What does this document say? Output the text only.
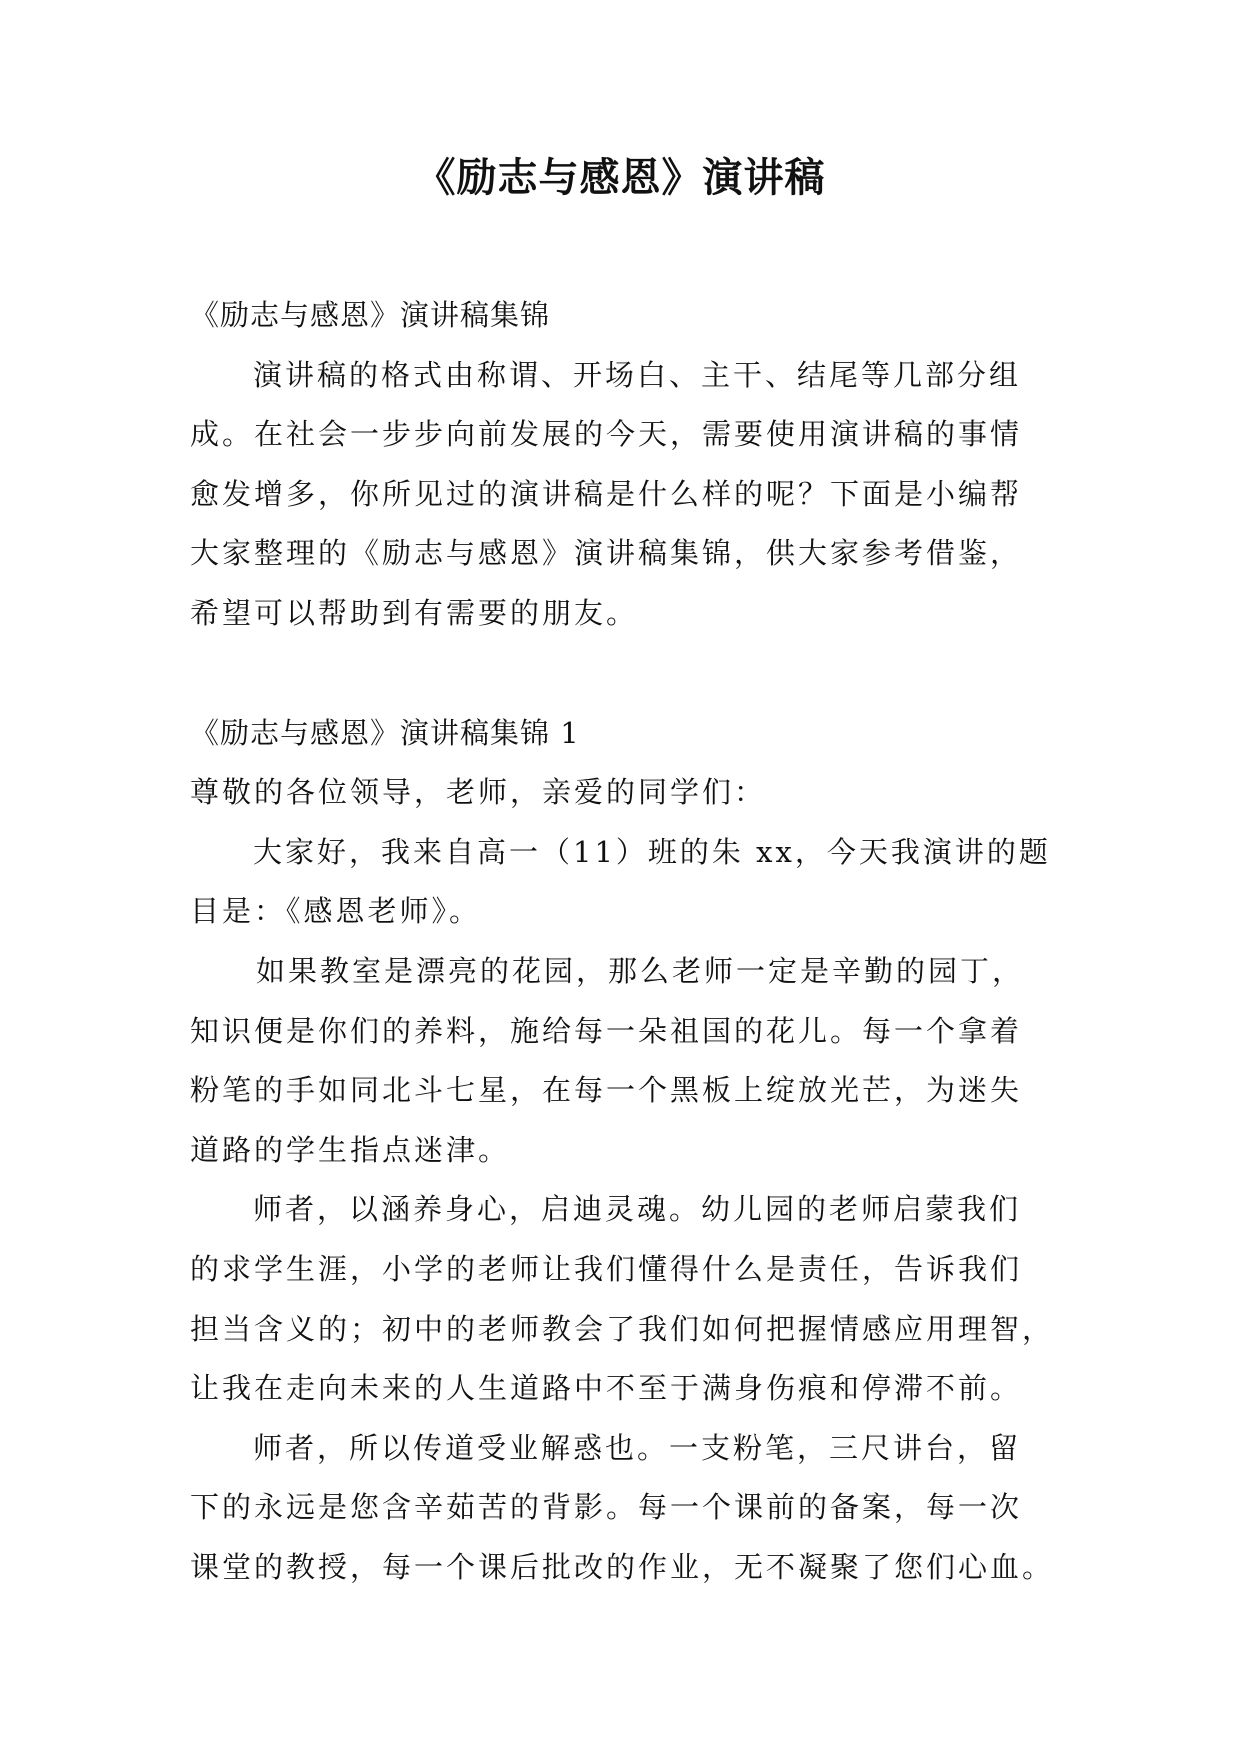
《励志与感恩》演讲稿

《励志与感恩》演讲稿集锦

演讲稿的格式由称谓、开场白、主干、结尾等几部分组

成。在社会一步步向前发展的今天，需要使用演讲稿的事情

愈发增多，你所见过的演讲稿是什么样的呢？下面是小编帮

大家整理的《励志与感恩》演讲稿集锦，供大家参考借鉴，

希望可以帮助到有需要的朋友。

《励志与感恩》演讲稿集锦 1

尊敬的各位领导，老师，亲爱的同学们：

大家好，我来自高一（11）班的朱 xx，今天我演讲的题

目是：《感恩老师》。

如果教室是漂亮的花园，那么老师一定是辛勤的园丁，

知识便是你们的养料，施给每一朵祖国的花儿。每一个拿着

粉笔的手如同北斗七星，在每一个黑板上绽放光芒，为迷失

道路的学生指点迷津。

师者，以涵养身心，启迪灵魂。幼儿园的老师启蒙我们

的求学生涯，小学的老师让我们懂得什么是责任，告诉我们

担当含义的；初中的老师教会了我们如何把握情感应用理智，

让我在走向未来的人生道路中不至于满身伤痕和停滞不前。

师者，所以传道受业解惑也。一支粉笔，三尺讲台，留

下的永远是您含辛茹苦的背影。每一个课前的备案，每一次

课堂的教授，每一个课后批改的作业，无不凝聚了您们心血。
